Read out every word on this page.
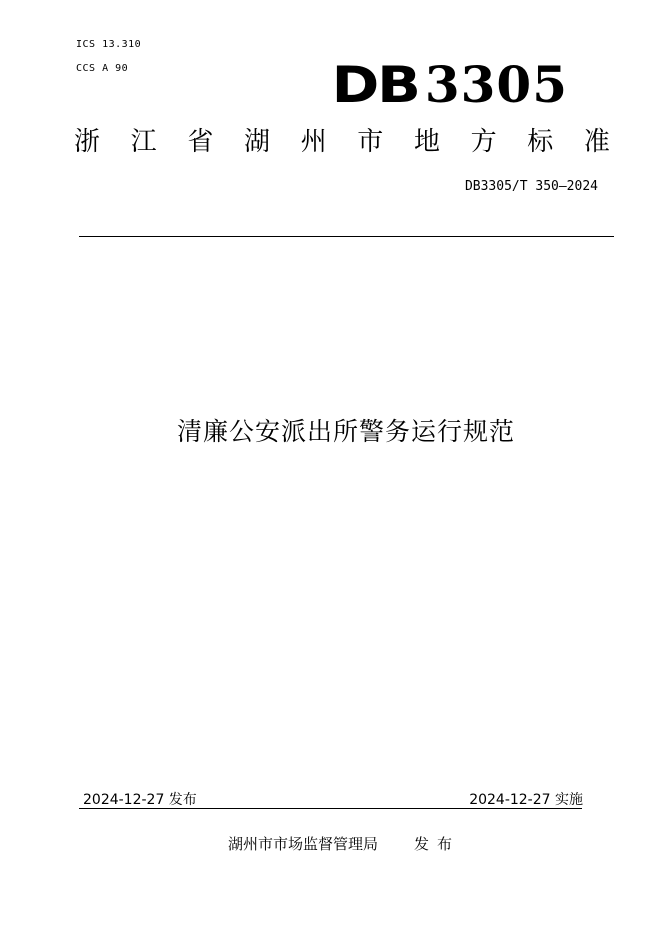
ICS 13.310
CCS A 90	DB 3305
浙 江 省 湖 州 市 地 方 标 准
DB3305/T 350—2024
清廉公安派出所警务运行规范
2024-12-27 发布	2024-12-27 实施
湖州市市场监督管理局 发布
